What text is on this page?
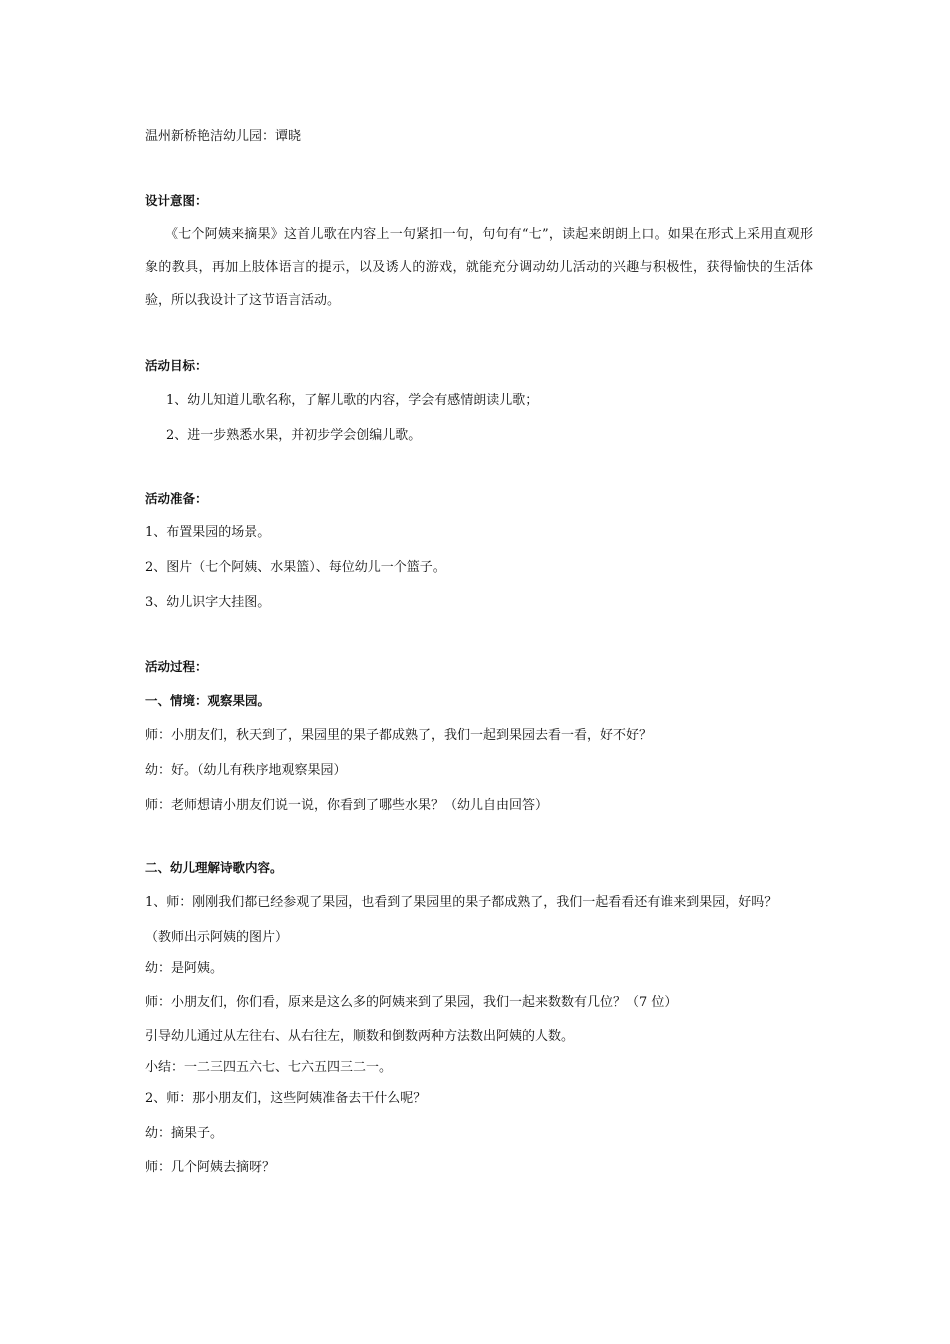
温州新桥艳洁幼儿园：谭晓
设计意图：
《七个阿姨来摘果》这首儿歌在内容上一句紧扣一句，句句有“七”，读起来朗朗上口。如果在形式上采用直观形象的教具，再加上肢体语言的提示，以及诱人的游戏，就能充分调动幼儿活动的兴趣与积极性，获得愉快的生活体验，所以我设计了这节语言活动。
活动目标：
1、幼儿知道儿歌名称，了解儿歌的内容，学会有感情朗读儿歌；
2、进一步熟悉水果，并初步学会创编儿歌。
活动准备：
1、布置果园的场景。
2、图片（七个阿姨、水果篮）、每位幼儿一个篮子。
3、幼儿识字大挂图。
活动过程：
一、情境：观察果园。
师：小朋友们，秋天到了，果园里的果子都成熟了，我们一起到果园去看一看，好不好？
幼：好。（幼儿有秩序地观察果园）
师：老师想请小朋友们说一说，你看到了哪些水果？（幼儿自由回答）
二、幼儿理解诗歌内容。
1、师：刚刚我们都已经参观了果园，也看到了果园里的果子都成熟了，我们一起看看还有谁来到果园，好吗？
（教师出示阿姨的图片）
幼：是阿姨。
师：小朋友们，你们看，原来是这么多的阿姨来到了果园，我们一起来数数有几位？（7 位）
引导幼儿通过从左往右、从右往左，顺数和倒数两种方法数出阿姨的人数。
小结：一二三四五六七、七六五四三二一。
2、师：那小朋友们，这些阿姨准备去干什么呢？
幼：摘果子。
师：几个阿姨去摘呀？
